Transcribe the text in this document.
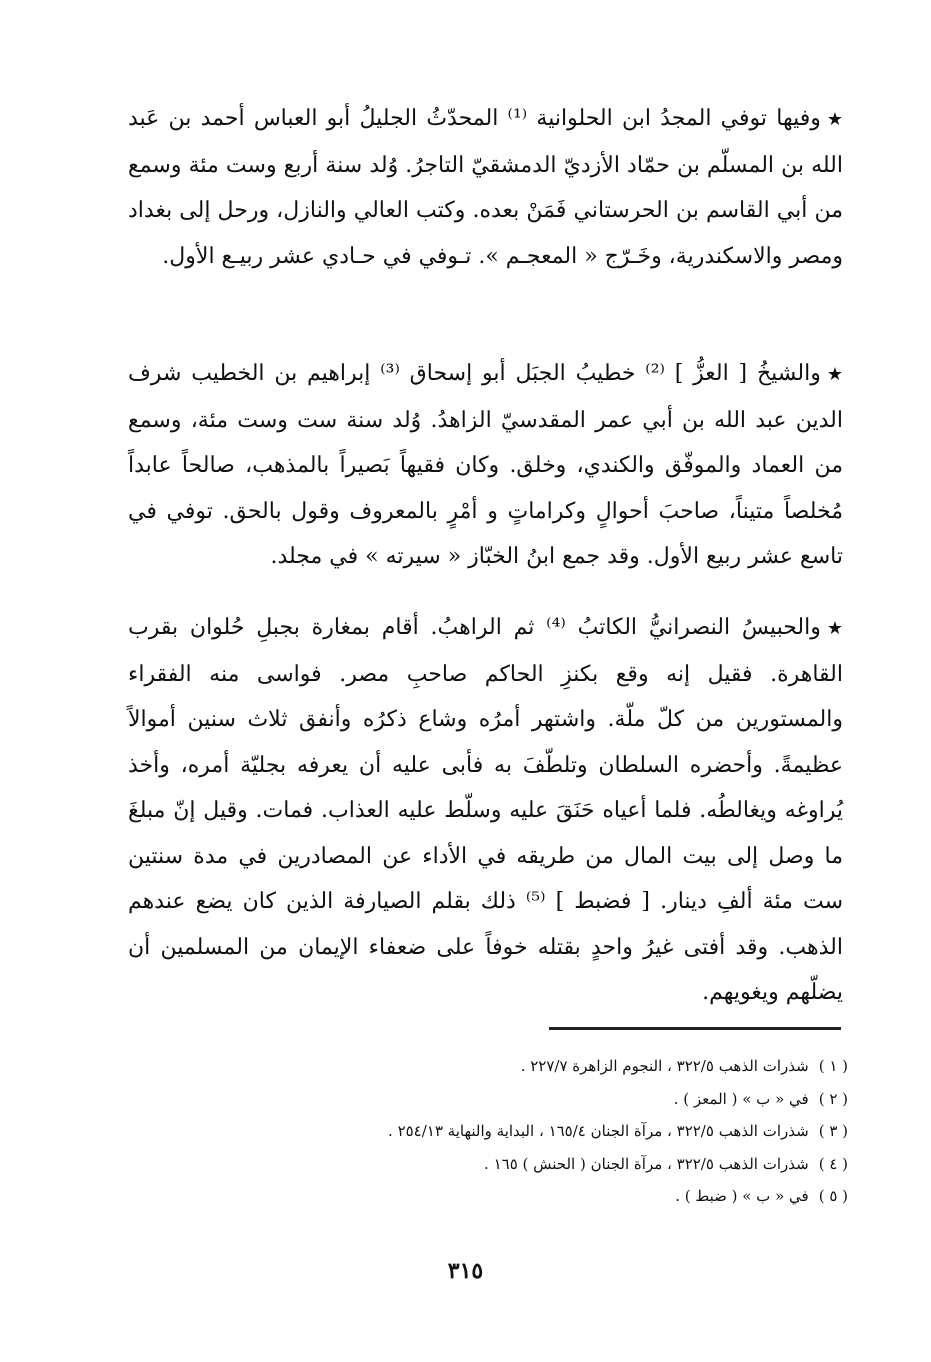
★وفيها توفي المجدُ ابن الحلوانية ⁽¹⁾ المحدّثُ الجليلُ أبو العباس أحمد بن عَبد الله بن المسلّم بن حمّاد الأزديّ الدمشقيّ التاجرُ. وُلد سنة أربع وست مئة وسمع من أبي القاسم بن الحرستاني فَمَنْ بعده. وكتب العالي والنازل، ورحل إلى بغداد ومصر والاسكندرية، وخَـرّج « المعجـم ». تـوفي في حـادي عشر ربيـع الأول.

★والشيخُ [ العزُّ ] ⁽²⁾ خطيبُ الجبَل أبو إسحاق ⁽³⁾ إبراهيم بن الخطيب شرف الدين عبد الله بن أبي عمر المقدسيّ الزاهدُ. وُلد سنة ست وست مئة، وسمع من العماد والموفّق والكندي، وخلق. وكان فقيهاً بَصيراً بالمذهب، صالحاً عابداً مُخلصاً متيناً، صاحبَ أحوالٍ وكراماتٍ و أمْرٍ بالمعروف وقول بالحق. توفي في تاسع عشر ربيع الأول. وقد جمع ابنُ الخبّاز « سيرته » في مجلد.

★والحبيسُ النصرانيُّ الكاتبُ ⁽⁴⁾ ثم الراهبُ. أقام بمغارة بجبلِ حُلوان بقرب القاهرة. فقيل إنه وقع بكنزِ الحاكم صاحبِ مصر. فواسى منه الفقراء والمستورين من كلّ ملّة. واشتهر أمرُه وشاع ذكرُه وأنفق ثلاث سنين أموالاً عظيمةً. وأحضره السلطان وتلطّفَ به فأبى عليه أن يعرفه بجليّة أمره، وأخذ يُراوغه ويغالطُه. فلما أعياه حَنَقَ عليه وسلّط عليه العذاب. فمات. وقيل إنّ مبلغَ ما وصل إلى بيت المال من طريقه في الأداء عن المصادرين في مدة سنتين ست مئة ألفِ دينار. [ فضبط ] ⁽⁵⁾ ذلك بقلم الصيارفة الذين كان يضع عندهم الذهب. وقد أفتى غيرُ واحدٍ بقتله خوفاً على ضعفاء الإيمان من المسلمين أن يضلّهم ويغويهم.

( ١ )شذرات الذهب ٣٢٢/٥ ، النجوم الزاهرة ٢٢٧/٧ .
( ٢ )في « ب » ( المعز ) .
( ٣ )شذرات الذهب ٣٢٢/٥ ، مرآة الجنان ١٦٥/٤ ، البداية والنهاية ٢٥٤/١٣ .
( ٤ )شذرات الذهب ٣٢٢/٥ ، مرآة الجنان ( الحنش ) ١٦٥ .
( ٥ )في « ب » ( ضبط ) .
٣١٥
